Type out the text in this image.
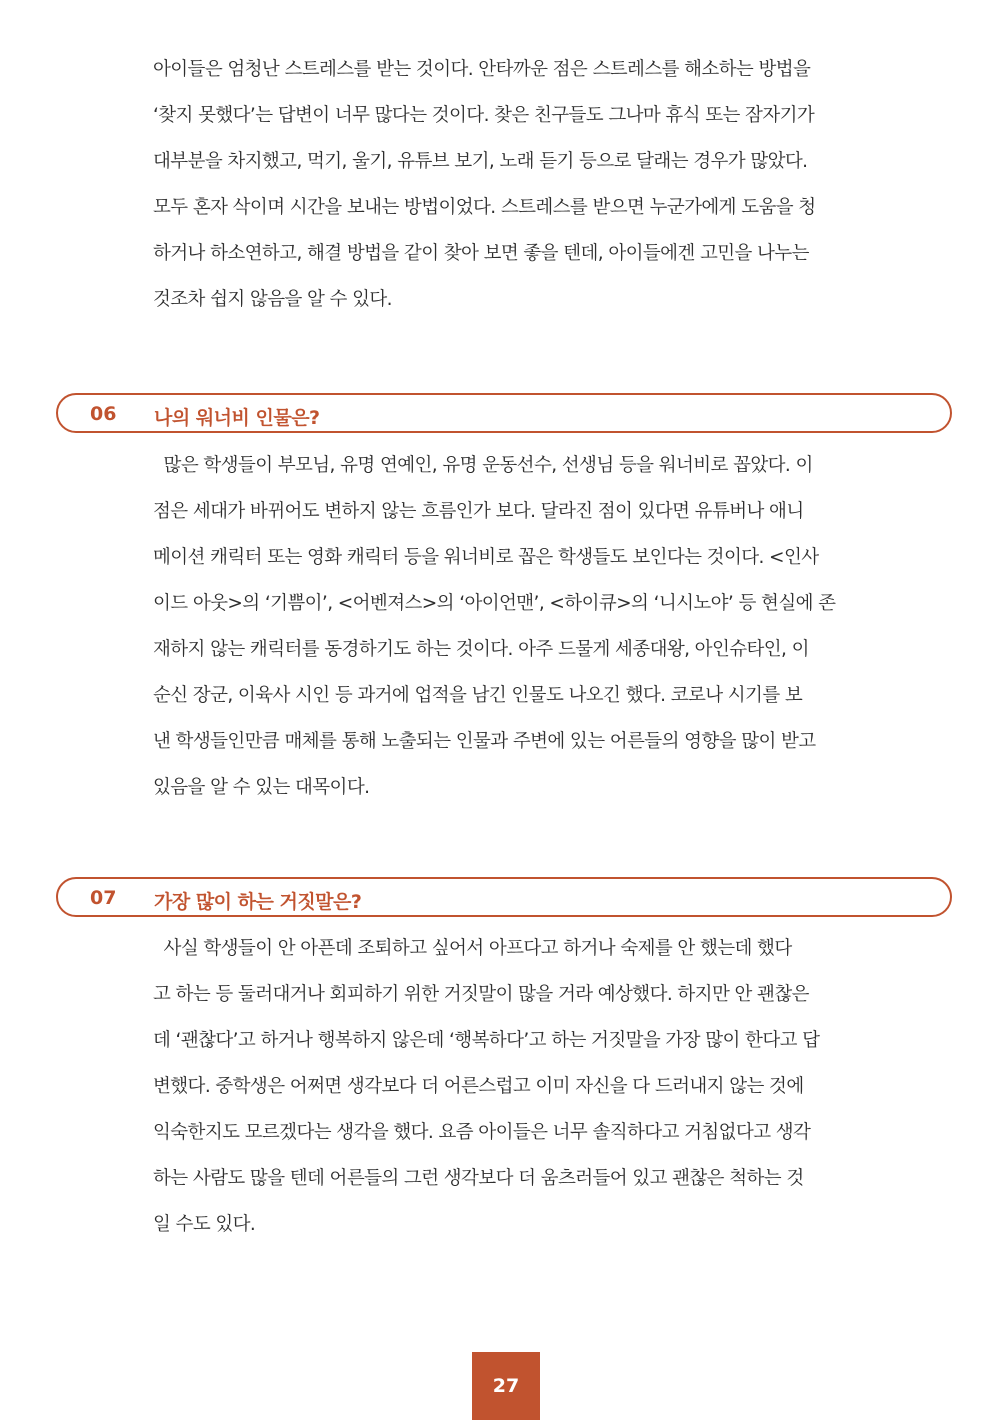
아이들은 엄청난 스트레스를 받는 것이다. 안타까운 점은 스트레스를 해소하는 방법을
‘찾지 못했다’는 답변이 너무 많다는 것이다. 찾은 친구들도 그나마 휴식 또는 잠자기가
대부분을 차지했고, 먹기, 울기, 유튜브 보기, 노래 듣기 등으로 달래는 경우가 많았다.
모두 혼자 삭이며 시간을 보내는 방법이었다. 스트레스를 받으면 누군가에게 도움을 청
하거나 하소연하고, 해결 방법을 같이 찾아 보면 좋을 텐데, 아이들에겐 고민을 나누는
것조차 쉽지 않음을 알 수 있다.
06 나의 워너비 인물은?
많은 학생들이 부모님, 유명 연예인, 유명 운동선수, 선생님 등을 워너비로 꼽았다. 이
점은 세대가 바뀌어도 변하지 않는 흐름인가 보다. 달라진 점이 있다면 유튜버나 애니
메이션 캐릭터 또는 영화 캐릭터 등을 워너비로 꼽은 학생들도 보인다는 것이다. <인사
이드 아웃>의 ‘기쁨이’, <어벤져스>의 ‘아이언맨’, <하이큐>의 ‘니시노야’ 등 현실에 존
재하지 않는 캐릭터를 동경하기도 하는 것이다. 아주 드물게 세종대왕, 아인슈타인, 이
순신 장군, 이육사 시인 등 과거에 업적을 남긴 인물도 나오긴 했다. 코로나 시기를 보
낸 학생들인만큼 매체를 통해 노출되는 인물과 주변에 있는 어른들의 영향을 많이 받고
있음을 알 수 있는 대목이다.
07 가장 많이 하는 거짓말은?
사실 학생들이 안 아픈데 조퇴하고 싶어서 아프다고 하거나 숙제를 안 했는데 했다
고 하는 등 둘러대거나 회피하기 위한 거짓말이 많을 거라 예상했다. 하지만 안 괜찮은
데 ‘괜찮다’고 하거나 행복하지 않은데 ‘행복하다’고 하는 거짓말을 가장 많이 한다고 답
변했다. 중학생은 어쩌면 생각보다 더 어른스럽고 이미 자신을 다 드러내지 않는 것에
익숙한지도 모르겠다는 생각을 했다. 요즘 아이들은 너무 솔직하다고 거침없다고 생각
하는 사람도 많을 텐데 어른들의 그런 생각보다 더 움츠러들어 있고 괜찮은 척하는 것
일 수도 있다.
27
